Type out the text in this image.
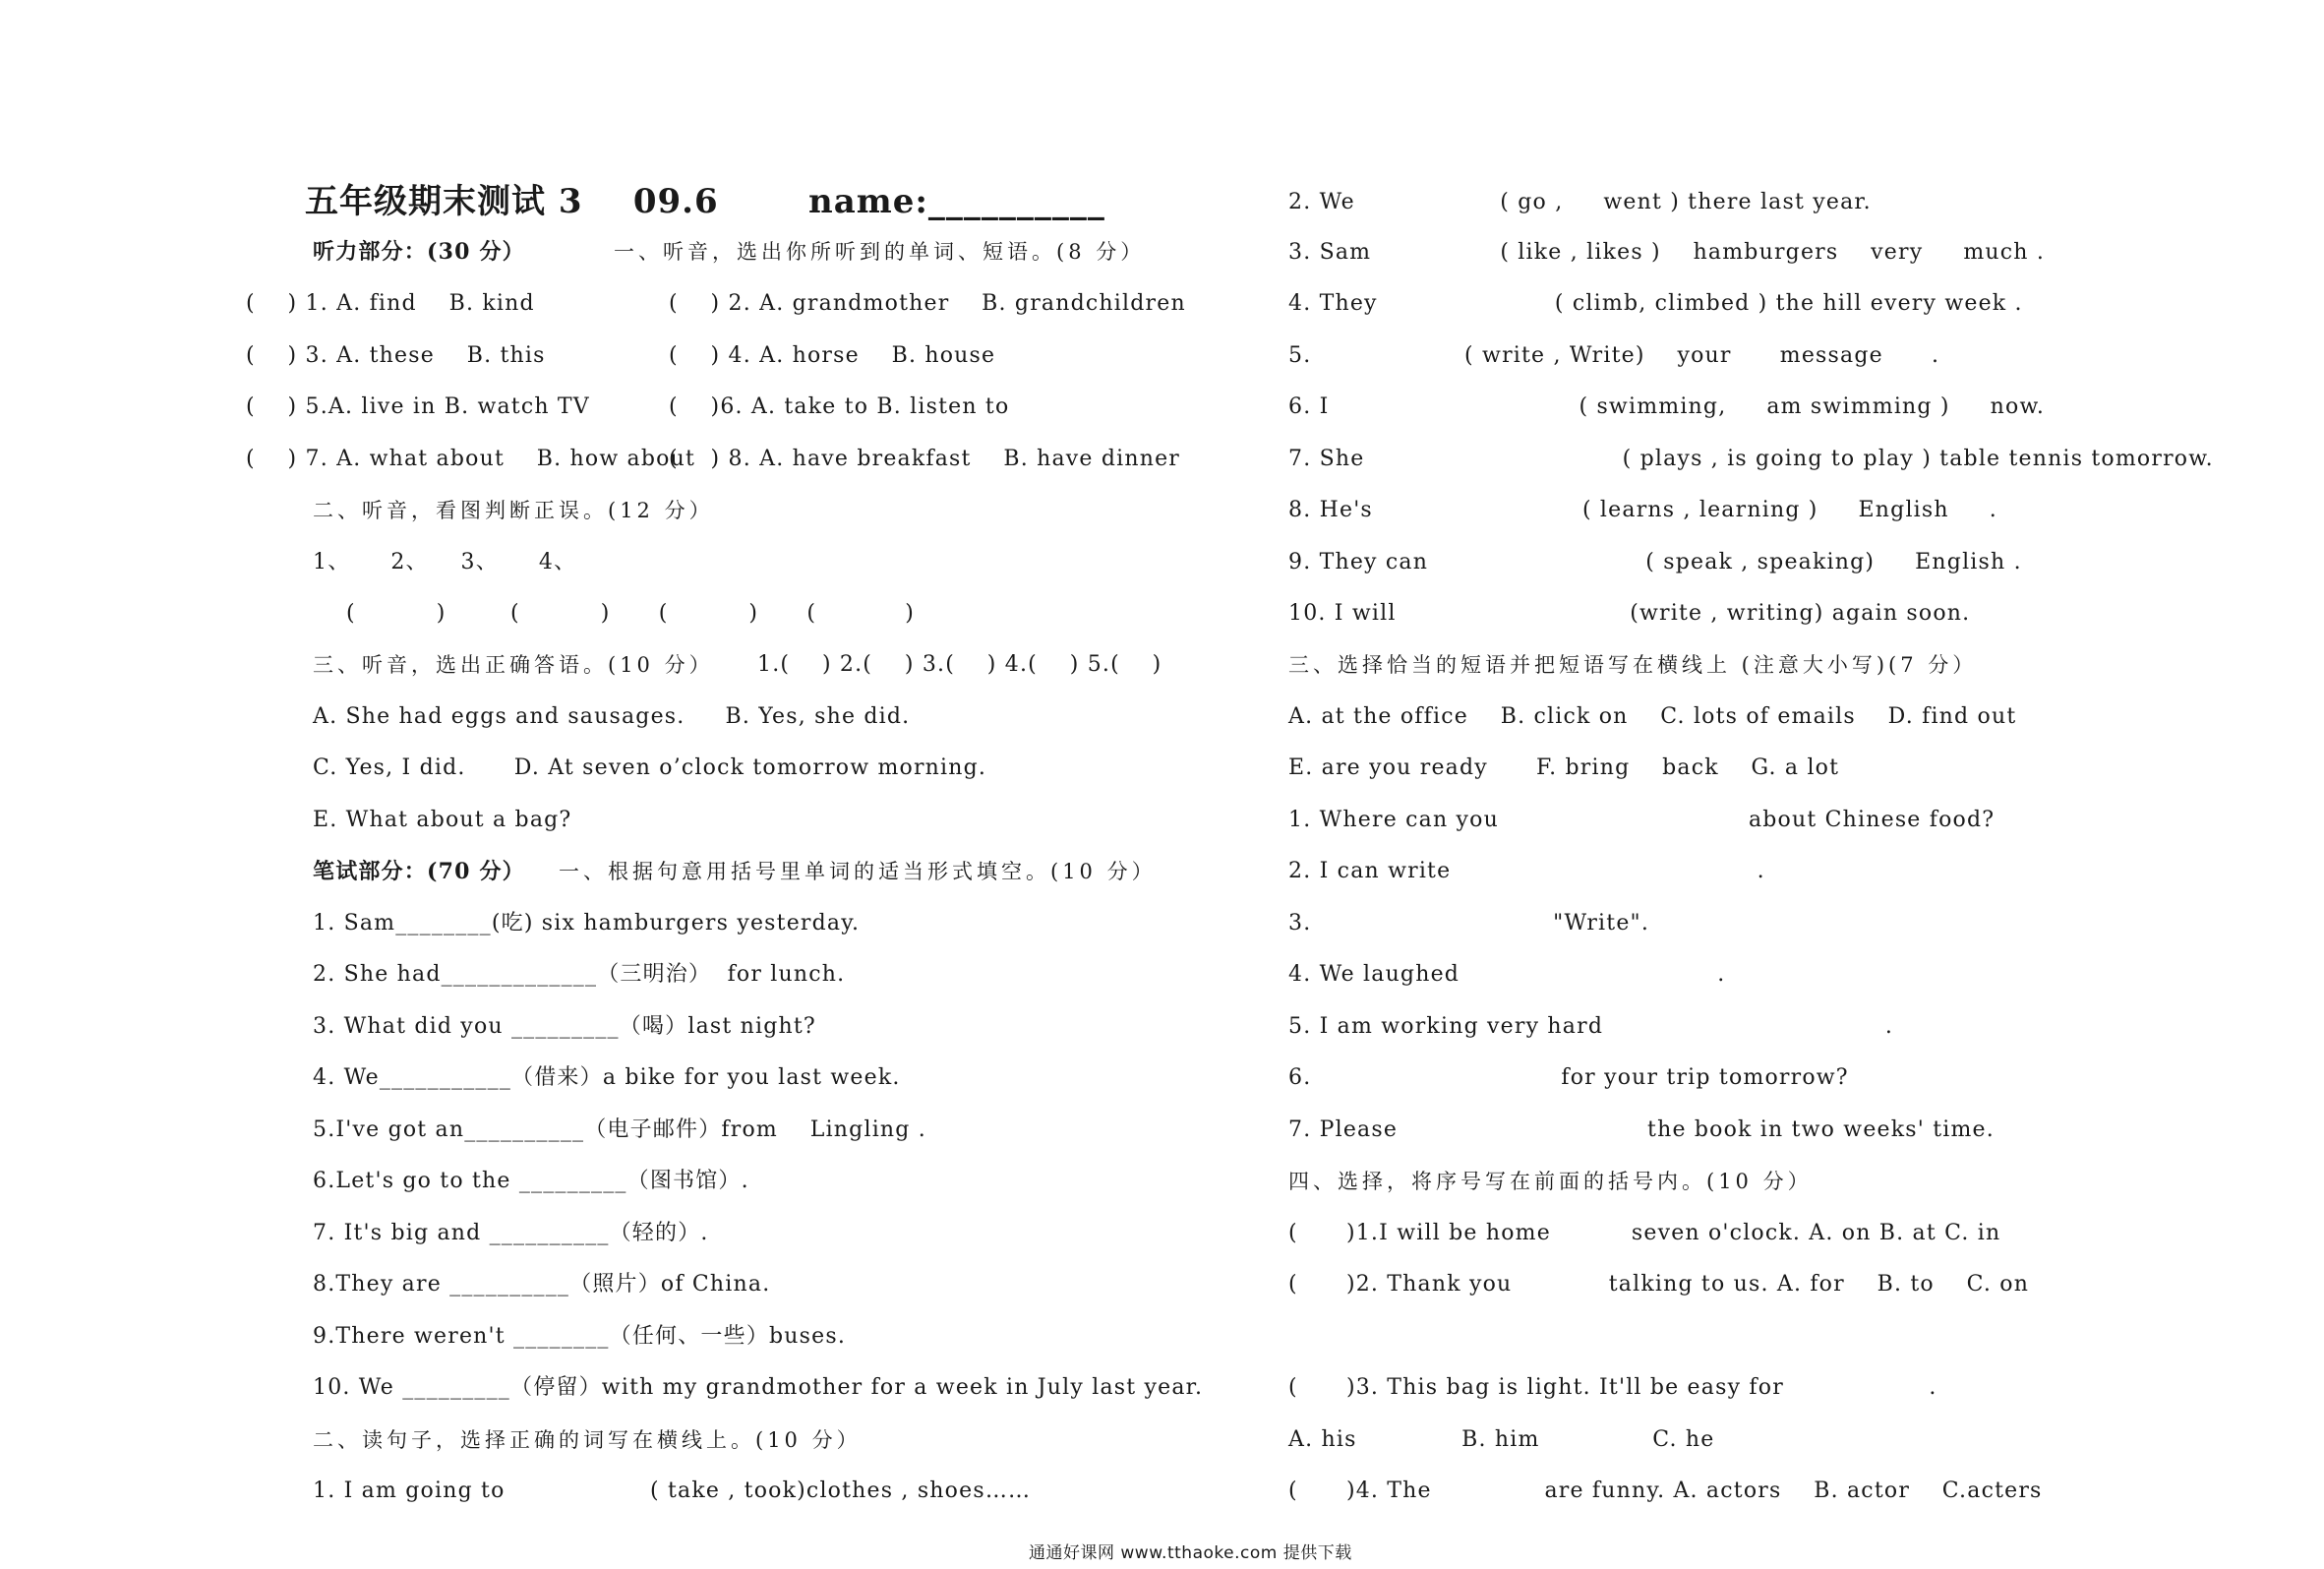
五年级期末测试 3    09.6	name:__________
听力部分：(30 分）	一、听音，选出你所听到的单词、短语。(8 分）
(    ) 1. A. find    B. kind	(    ) 2. A. grandmother    B. grandchildren
(    ) 3. A. these    B. this	(    ) 4. A. horse    B. house
(    ) 5.A. live in B. watch TV	(    )6. A. take to B. listen to
(    ) 7. A. what about    B. how about
(    ) 8. A. have breakfast    B. have dinner
二、听音，看图判断正误。(12 分）
1、     2、    3、     4、
(          )        (          )      (          )      (           )
三、听音，选出正确答语。(10 分） 1.(    ) 2.(    ) 3.(    ) 4.(    ) 5.(    )
A. She had eggs and sausages.     B. Yes, she did.
C. Yes, I did.      D. At seven o’clock tomorrow morning.
E. What about a bag?
笔试部分：(70 分） 一、根据句意用括号里单词的适当形式填空。(10 分）
1. Sam________(吃) six hamburgers yesterday.
2. She had_____________（三明治）  for lunch.
3. What did you _________（喝）last night?
4. We___________（借来）a bike for you last week.
5.I've got an__________（电子邮件）from    Lingling .
6.Let's go to the _________（图书馆）.
7. It's big and __________（轻的）.
8.They are __________（照片）of China.
9.There weren't ________（任何、一些）buses.
10. We _________（停留）with my grandmother for a week in July last year.
二、读句子，选择正确的词写在横线上。(10 分）
1. I am going to                  ( take , took)clothes , shoes……
2. We                  ( go ,     went ) there last year.
3. Sam                ( like , likes )    hamburgers    very     much .
4. They                      ( climb, climbed ) the hill every week .
5.                   ( write , Write)    your      message      .
6. I                               ( swimming,     am swimming )     now.
7. She                                ( plays , is going to play ) table tennis tomorrow.
8. He's                          ( learns , learning )     English     .
9. They can                           ( speak , speaking)     English .
10. I will                             (write , writing) again soon.
三、选择恰当的短语并把短语写在横线上 (注意大小写)(7 分）
A. at the office    B. click on    C. lots of emails    D. find out
E. are you ready      F. bring    back    G. a lot
1. Where can you                               about Chinese food?
2. I can write                                      .
3.                              "Write".
4. We laughed                                .
5. I am working very hard                                   .
6.                               for your trip tomorrow?
7. Please                               the book in two weeks' time.
四、选择，将序号写在前面的括号内。(10 分）
(      )1.I will be home          seven o'clock. A. on B. at C. in
(      )2. Thank you            talking to us. A. for    B. to    C. on
(      )3. This bag is light. It'll be easy for                  .
A. his             B. him              C. he
(      )4. The              are funny. A. actors    B. actor    C.acters
通通好课网 www.tthaoke.com 提供下载
